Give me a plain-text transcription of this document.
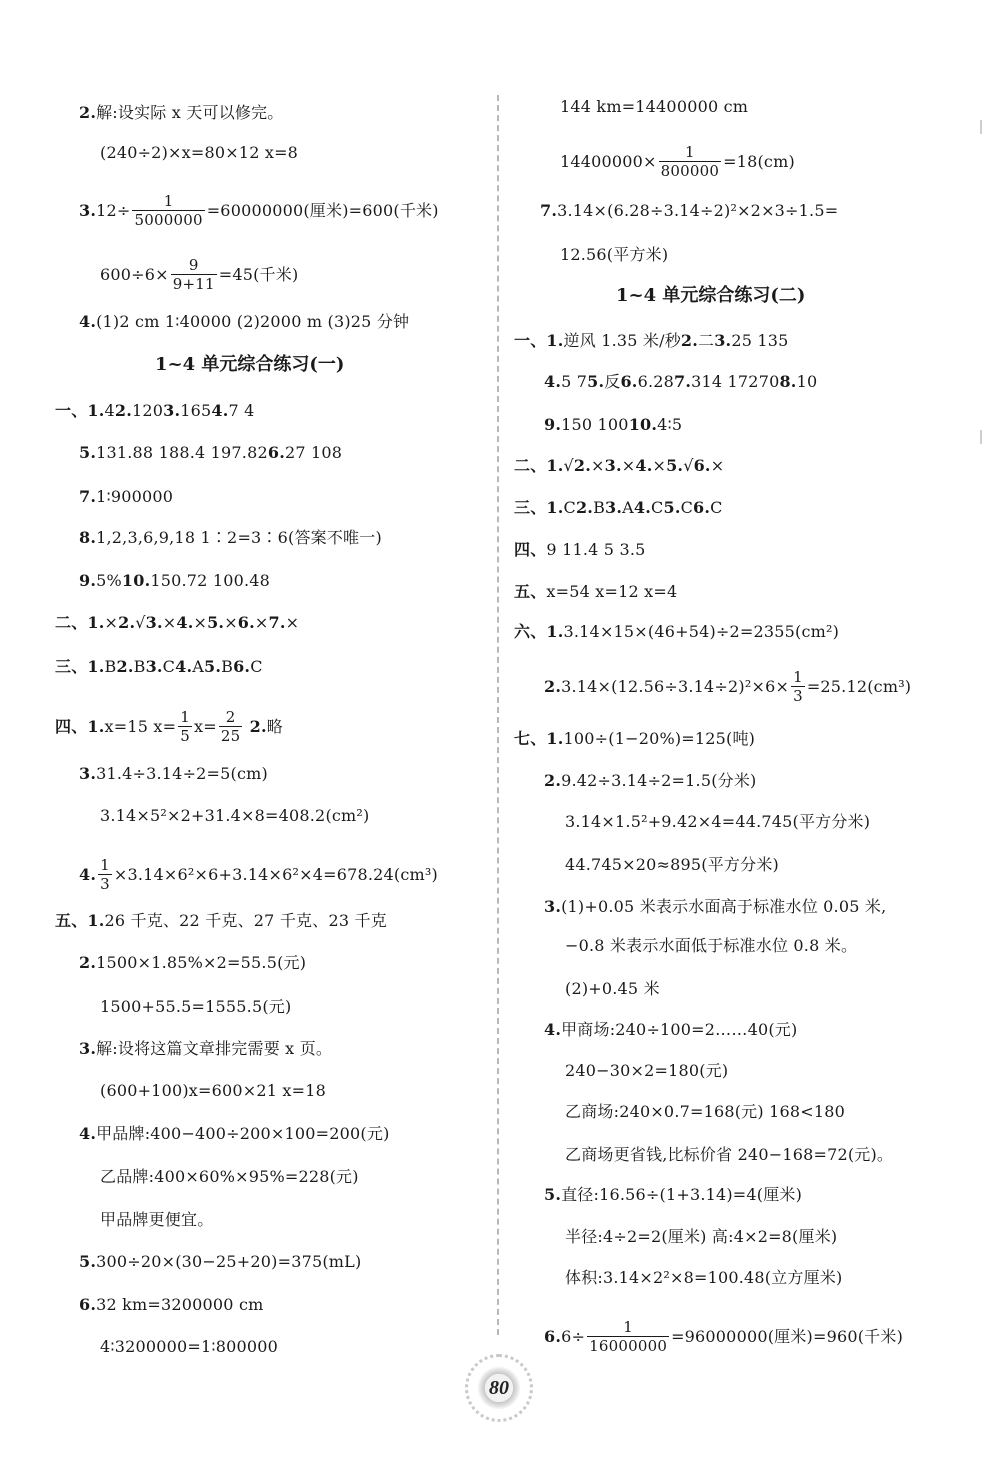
2. 解:设实际 x 天可以修完。
(240÷2)×x=80×12 x=8
3. $12\div \frac{1}{5000000} =60000000$(厘米)=600(千米)
$600\div 6\times \frac{9}{9+11} =45$(千米)
4. (1)2 cm 1∶40000 (2)2000 m (3)25 分钟
1~4 单元综合练习(一)
一、1. 4 2. 120 3. 165 4. 7 4
5. 131.88 188.4 197.82 6. 27 108
7. 1∶900000
8. 1,2,3,6,9,18 1∶2=3∶6(答案不唯一)
9. 5% 10. 150.72 100.48
二、1. × 2. √ 3. × 4. × 5. × 6. × 7. ×
三、1. B 2. B 3. C 4. A 5. B 6. C
四、1. x=15 $x= \frac{1}{5} x= \frac{2}{25}$
2. 略
3. 31.4÷3.14÷2=5(cm)
3.14×5²×2+31.4×8=408.2(cm²)
4. $\frac{1}{3} \times 3.14\times 6^2\times 6+3.14\times 6^2\times 4=678.24(cm^3)$
五、1. 26 千克、22 千克、27 千克、23 千克
2. 1500×1.85%×2=55.5(元)
1500+55.5=1555.5(元)
3. 解:设将这篇文章排完需要 x 页。
(600+100)x=600×21 x=18
4. 甲品牌:400−400÷200×100=200(元)
乙品牌:400×60%×95%=228(元)
甲品牌更便宜。
5. 300÷20×(30−25+20)=375(mL)
6. 32 km=3200000 cm
4∶3200000=1∶800000
144 km=14400000 cm
$14400000\times \frac{1}{800000} =18(cm)$
7. 3.14×(6.28÷3.14÷2)²×2×3÷1.5=
12.56(平方米)
1~4 单元综合练习(二)
一、1. 逆风 1.35 米/秒 2. 二 3. 25 135
4. 5 7 5. 反 6. 6.28 7. 314 17270 8. 10
9. 150 100 10. 4∶5
二、1. √ 2. × 3. × 4. × 5. √ 6. ×
三、1. C 2. B 3. A 4. C 5. C 6. C
四、 9 11.4 5 3.5
五、 x=54 x=12 x=4
六、1. 3.14×15×(46+54)÷2=2355(cm²)
2. $3.14\times(12.56\div 3.14\div 2)^2\times 6\times \frac{1}{3} =25.12(cm^3)$
七、1. 100÷(1−20%)=125(吨)
2. 9.42÷3.14÷2=1.5(分米)
3.14×1.5²+9.42×4=44.745(平方分米)
44.745×20≈895(平方分米)
3. (1)+0.05 米表示水面高于标准水位 0.05 米,
−0.8 米表示水面低于标准水位 0.8 米。
(2)+0.45 米
4. 甲商场:240÷100=2……40(元)
240−30×2=180(元)
乙商场:240×0.7=168(元) 168<180
乙商场更省钱,比标价省 240−168=72(元)。
5. 直径:16.56÷(1+3.14)=4(厘米)
半径:4÷2=2(厘米) 高:4×2=8(厘米)
体积:3.14×2²×8=100.48(立方厘米)
6. $6\div \frac{1}{16000000} =96000000$(厘米)=960(千米)
80
